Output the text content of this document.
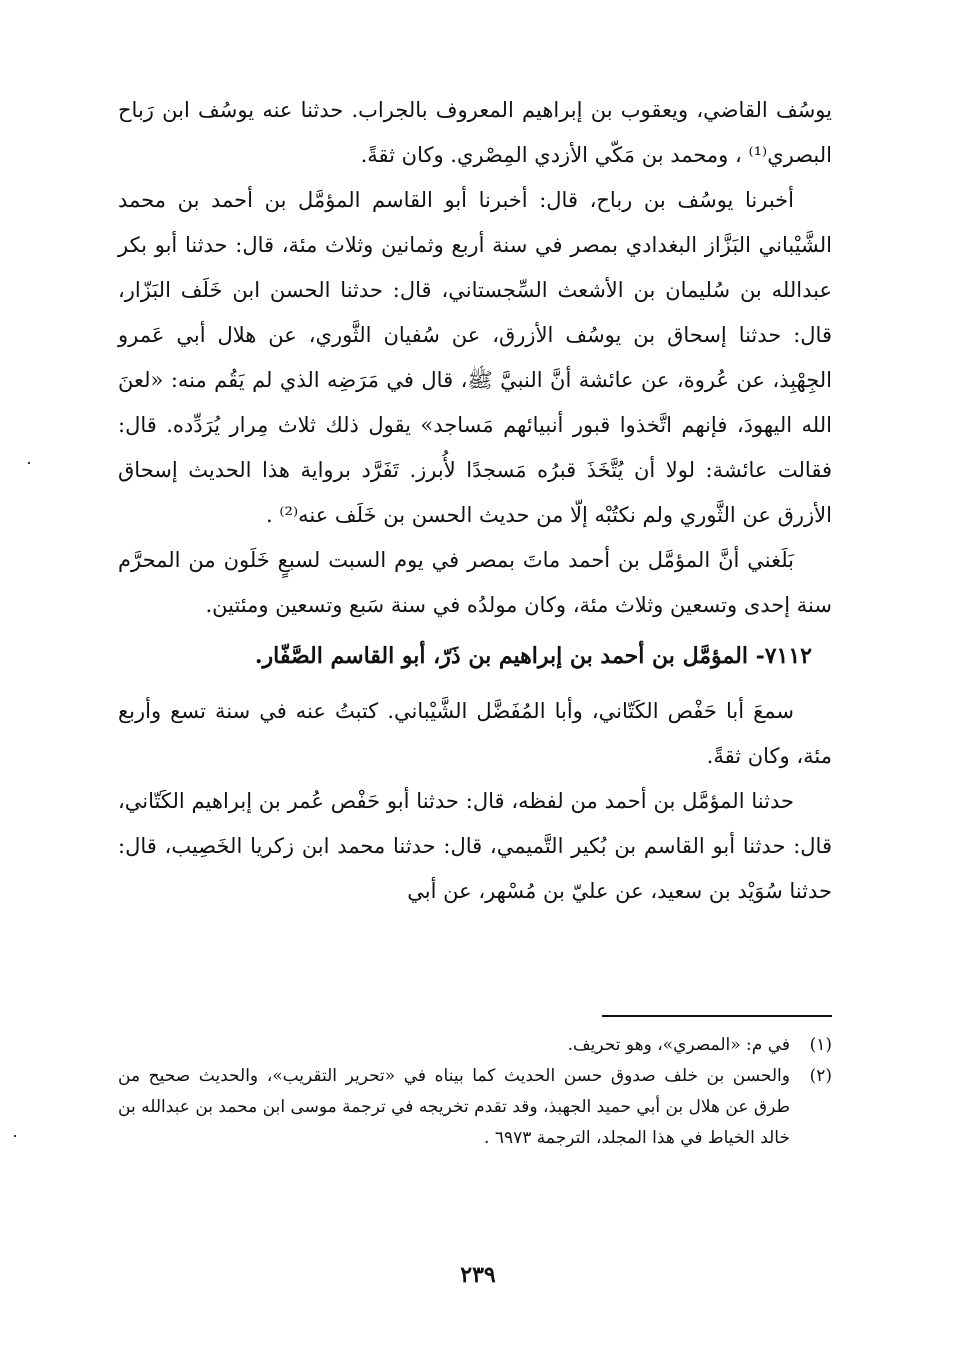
يوسُف القاضي، ويعقوب بن إبراهيم المعروف بالجراب. حدثنا عنه يوسُف ابن رَباح البصري⁽¹⁾ ، ومحمد بن مَكّي الأزدي المِصْري. وكان ثقةً.

أخبرنا يوسُف بن رباح، قال: أخبرنا أبو القاسم المؤمَّل بن أحمد بن محمد الشَّيْباني البَزَّاز البغدادي بمصر في سنة أربع وثمانين وثلاث مئة، قال: حدثنا أبو بكر عبدالله بن سُليمان بن الأشعث السِّجستاني، قال: حدثنا الحسن ابن خَلَف البَزّار، قال: حدثنا إسحاق بن يوسُف الأزرق، عن سُفيان الثَّوري، عن هلال أبي عَمرو الجِهْبِذ، عن عُروة، عن عائشة أنَّ النبيَّ ﷺ، قال في مَرَضِه الذي لم يَقُم منه: «لعنَ الله اليهودَ، فإنهم اتَّخذوا قبور أنبيائهم مَساجد» يقول ذلك ثلاث مِرار يُرَدِّده. قال: فقالت عائشة: لولا أن يُتَّخَذَ قبرُه مَسجدًا لأُبرز. تَفَرَّد برواية هذا الحديث إسحاق الأزرق عن الثَّوري ولم نكتُبْه إلّا من حديث الحسن بن خَلَف عنه⁽²⁾ .

بَلَغني أنَّ المؤمَّل بن أحمد ماتَ بمصر في يوم السبت لسبعٍ خَلَون من المحرَّم سنة إحدى وتسعين وثلاث مئة، وكان مولدُه في سنة سَبع وتسعين ومئتين.

٧١١٢- المؤمَّل بن أحمد بن إبراهيم بن ذَرّ، أبو القاسم الصَّفّار.

سمعَ أبا حَفْص الكَتّاني، وأبا المُفَضَّل الشَّيْباني. كتبتُ عنه في سنة تسع وأربع مئة، وكان ثقةً.

حدثنا المؤمَّل بن أحمد من لفظه، قال: حدثنا أبو حَفْص عُمر بن إبراهيم الكَتّاني، قال: حدثنا أبو القاسم بن بُكير التَّميمي، قال: حدثنا محمد ابن زكريا الخَصِيب، قال: حدثنا سُوَيْد بن سعيد، عن عليّ بن مُسْهر، عن أبي

(١)
في م: «المصري»، وهو تحريف.
(٢)
والحسن بن خلف صدوق حسن الحديث كما بيناه في «تحرير التقريب»، والحديث صحيح من طرق عن هلال بن أبي حميد الجهبذ، وقد تقدم تخريجه في ترجمة موسى ابن محمد بن عبدالله بن خالد الخياط في هذا المجلد، الترجمة ٦٩٧٣ .
٢٣٩
